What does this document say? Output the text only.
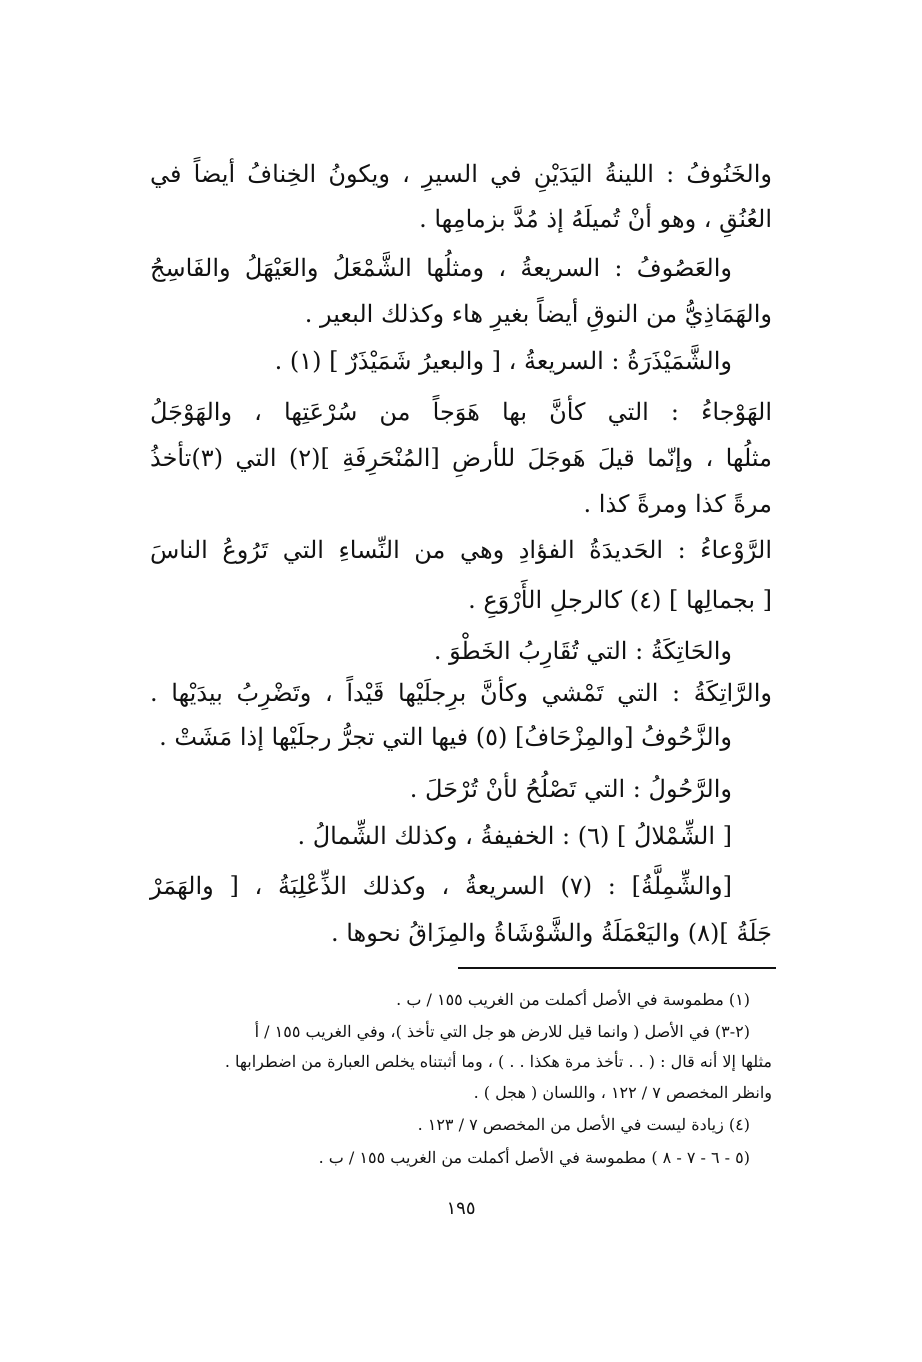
والخَنُوفُ : اللينةُ اليَدَيْنِ في السيرِ ، ويكونُ الخِنافُ أيضاً في
العُنُقِ ، وهو أنْ تُميلَهُ إذ مُدَّ بزمامِها .
والعَصُوفُ : السريعةُ ، ومثلُها الشَّمْعَلُ والعَيْهَلُ والفَاسِجُ
والهَمَاذِيُّ من النوقِ أيضاً بغيرِ هاء وكذلك البعير .
والشَّمَيْذَرَةُ : السريعةُ ، [ والبعيرُ شَمَيْذَرٌ ] (١) .
الهَوْجاءُ : التي كأنَّ بها هَوَجاً من سُرْعَتِها ، والهَوْجَلُ
مثلُها ، وإنّما قيلَ هَوجَلَ للأرضِ [المُنْحَرِفَةِ ](٢) التي (٣)تأخذُ
مرةً كذا ومرةً كذا .
الرَّوْعاءُ : الحَديدَةُ الفؤادِ وهي من النِّساءِ التي تَرُوعُ الناسَ
[ بجمالِها ] (٤) كالرجلِ الأَرْوَعِ .
والحَاتِكَةُ : التي تُقَارِبُ الخَطْوَ .
والرَّاتِكَةُ : التي تَمْشي وكأنَّ برِجلَيْها قَيْداً ، وتَضْرِبُ بيدَيْها .
والزَّحُوفُ [والمِزْحَافُ] (٥) فيها التي تجرُّ رجلَيْها إذا مَشَتْ .
والرَّحُولُ : التي تَصْلُحُ لأنْ تُرْحَلَ .
[ الشِّمْلالُ ] (٦) : الخفيفةُ ، وكذلك الشِّمالُ .
[والشِّمِلَّةُ] : (٧) السريعةُ ، وكذلك الذِّعْلِبَةُ ، [ والهَمَرْ
جَلَةُ ](٨) واليَعْمَلَةُ والشَّوْشَاةُ والمِزَاقُ نحوها .
(١) مطموسة في الأصل أكملت من الغريب ١٥٥ / ب .
(٢-٣) في الأصل ( وانما قيل للارض هو جل التي تأخذ )، وفي الغريب ١٥٥ / أ
مثلها إلا أنه قال : ( . . تأخذ مرة هكذا . . ) ، وما أثبتناه يخلص العبارة من اضطرابها .
وانظر المخصص ٧ / ١٢٢ ، واللسان ( هجل ) .
(٤) زيادة ليست في الأصل من المخصص ٧ / ١٢٣ .
(٥ - ٦ - ٧ - ٨ ) مطموسة في الأصل أكملت من الغريب ١٥٥ / ب .
١٩٥
